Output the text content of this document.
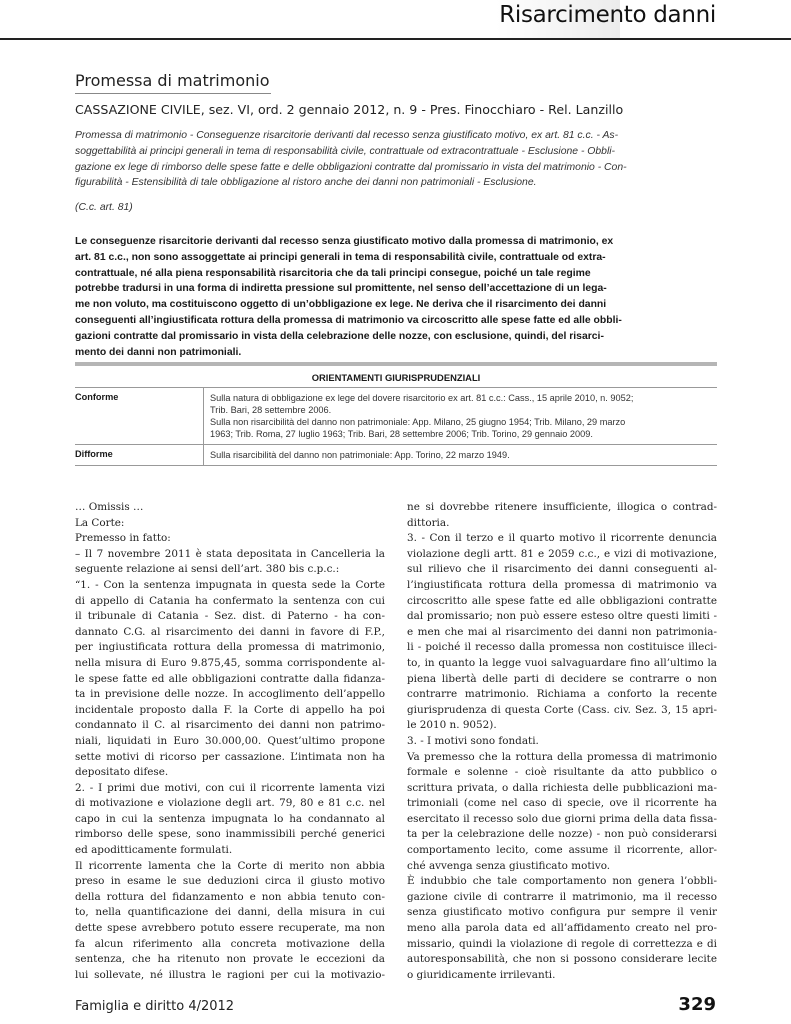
Risarcimento danni
Promessa di matrimonio
CASSAZIONE CIVILE, sez. VI, ord. 2 gennaio 2012, n. 9 - Pres. Finocchiaro - Rel. Lanzillo

Promessa di matrimonio - Conseguenze risarcitorie derivanti dal recesso senza giustificato motivo, ex art. 81 c.c. - As-

soggettabilità ai principi generali in tema di responsabilità civile, contrattuale od extracontrattuale - Esclusione - Obbli-

gazione ex lege di rimborso delle spese fatte e delle obbligazioni contratte dal promissario in vista del matrimonio - Con-

figurabilità - Estensibilità di tale obbligazione al ristoro anche dei danni non patrimoniali - Esclusione.

(C.c. art. 81)

Le conseguenze risarcitorie derivanti dal recesso senza giustificato motivo dalla promessa di matrimonio, ex

art. 81 c.c., non sono assoggettate ai principi generali in tema di responsabilità civile, contrattuale od extra-

contrattuale, né alla piena responsabilità risarcitoria che da tali principi consegue, poiché un tale regime

potrebbe tradursi in una forma di indiretta pressione sul promittente, nel senso dell’accettazione di un lega-

me non voluto, ma costituiscono oggetto di un’obbligazione ex lege. Ne deriva che il risarcimento dei danni

conseguenti all’ingiustificata rottura della promessa di matrimonio va circoscritto alle spese fatte ed alle obbli-

gazioni contratte dal promissario in vista della celebrazione delle nozze, con esclusione, quindi, del risarci-

mento dei danni non patrimoniali.

ORIENTAMENTI GIURISPRUDENZIALI
Conforme	Sulla natura di obbligazione ex lege del dovere risarcitorio ex art. 81 c.c.: Cass., 15 aprile 2010, n. 9052;
Trib. Bari, 28 settembre 2006.
Sulla non risarcibilità del danno non patrimoniale: App. Milano, 25 giugno 1954; Trib. Milano, 29 marzo
1963; Trib. Roma, 27 luglio 1963; Trib. Bari, 28 settembre 2006; Trib. Torino, 29 gennaio 2009.
Difforme	Sulla risarcibilità del danno non patrimoniale: App. Torino, 22 marzo 1949.

… Omissis …

La Corte:

Premesso in fatto:

– Il 7 novembre 2011 è stata depositata in Cancelleria la

seguente relazione ai sensi dell’art. 380 bis c.p.c.:

“1. - Con la sentenza impugnata in questa sede la Corte

di appello di Catania ha confermato la sentenza con cui

il tribunale di Catania - Sez. dist. di Paterno - ha con-

dannato C.G. al risarcimento dei danni in favore di F.P.,

per ingiustificata rottura della promessa di matrimonio,

nella misura di Euro 9.875,45, somma corrispondente al-

le spese fatte ed alle obbligazioni contratte dalla fidanza-

ta in previsione delle nozze. In accoglimento dell’appello

incidentale proposto dalla F. la Corte di appello ha poi

condannato il C. al risarcimento dei danni non patrimo-

niali, liquidati in Euro 30.000,00. Quest’ultimo propone

sette motivi di ricorso per cassazione. L’intimata non ha

depositato difese.

2. - I primi due motivi, con cui il ricorrente lamenta vizi

di motivazione e violazione degli art. 79, 80 e 81 c.c. nel

capo in cui la sentenza impugnata lo ha condannato al

rimborso delle spese, sono inammissibili perché generici

ed apoditticamente formulati.

Il ricorrente lamenta che la Corte di merito non abbia

preso in esame le sue deduzioni circa il giusto motivo

della rottura del fidanzamento e non abbia tenuto con-

to, nella quantificazione dei danni, della misura in cui

dette spese avrebbero potuto essere recuperate, ma non

fa alcun riferimento alla concreta motivazione della

sentenza, che ha ritenuto non provate le eccezioni da

lui sollevate, né illustra le ragioni per cui la motivazio-

ne si dovrebbe ritenere insufficiente, illogica o contrad-

dittoria.

3. - Con il terzo e il quarto motivo il ricorrente denuncia

violazione degli artt. 81 e 2059 c.c., e vizi di motivazione,

sul rilievo che il risarcimento dei danni conseguenti al-

l’ingiustificata rottura della promessa di matrimonio va

circoscritto alle spese fatte ed alle obbligazioni contratte

dal promissario; non può essere esteso oltre questi limiti -

e men che mai al risarcimento dei danni non patrimonia-

li - poiché il recesso dalla promessa non costituisce illeci-

to, in quanto la legge vuoi salvaguardare fino all’ultimo la

piena libertà delle parti di decidere se contrarre o non

contrarre matrimonio. Richiama a conforto la recente

giurisprudenza di questa Corte (Cass. civ. Sez. 3, 15 apri-

le 2010 n. 9052).

3. - I motivi sono fondati.

Va premesso che la rottura della promessa di matrimonio

formale e solenne - cioè risultante da atto pubblico o

scrittura privata, o dalla richiesta delle pubblicazioni ma-

trimoniali (come nel caso di specie, ove il ricorrente ha

esercitato il recesso solo due giorni prima della data fissa-

ta per la celebrazione delle nozze) - non può considerarsi

comportamento lecito, come assume il ricorrente, allor-

ché avvenga senza giustificato motivo.

È indubbio che tale comportamento non genera l’obbli-

gazione civile di contrarre il matrimonio, ma il recesso

senza giustificato motivo configura pur sempre il venir

meno alla parola data ed all’affidamento creato nel pro-

missario, quindi la violazione di regole di correttezza e di

autoresponsabilità, che non si possono considerare lecite

o giuridicamente irrilevanti.

Famiglia e diritto 4/2012	329
